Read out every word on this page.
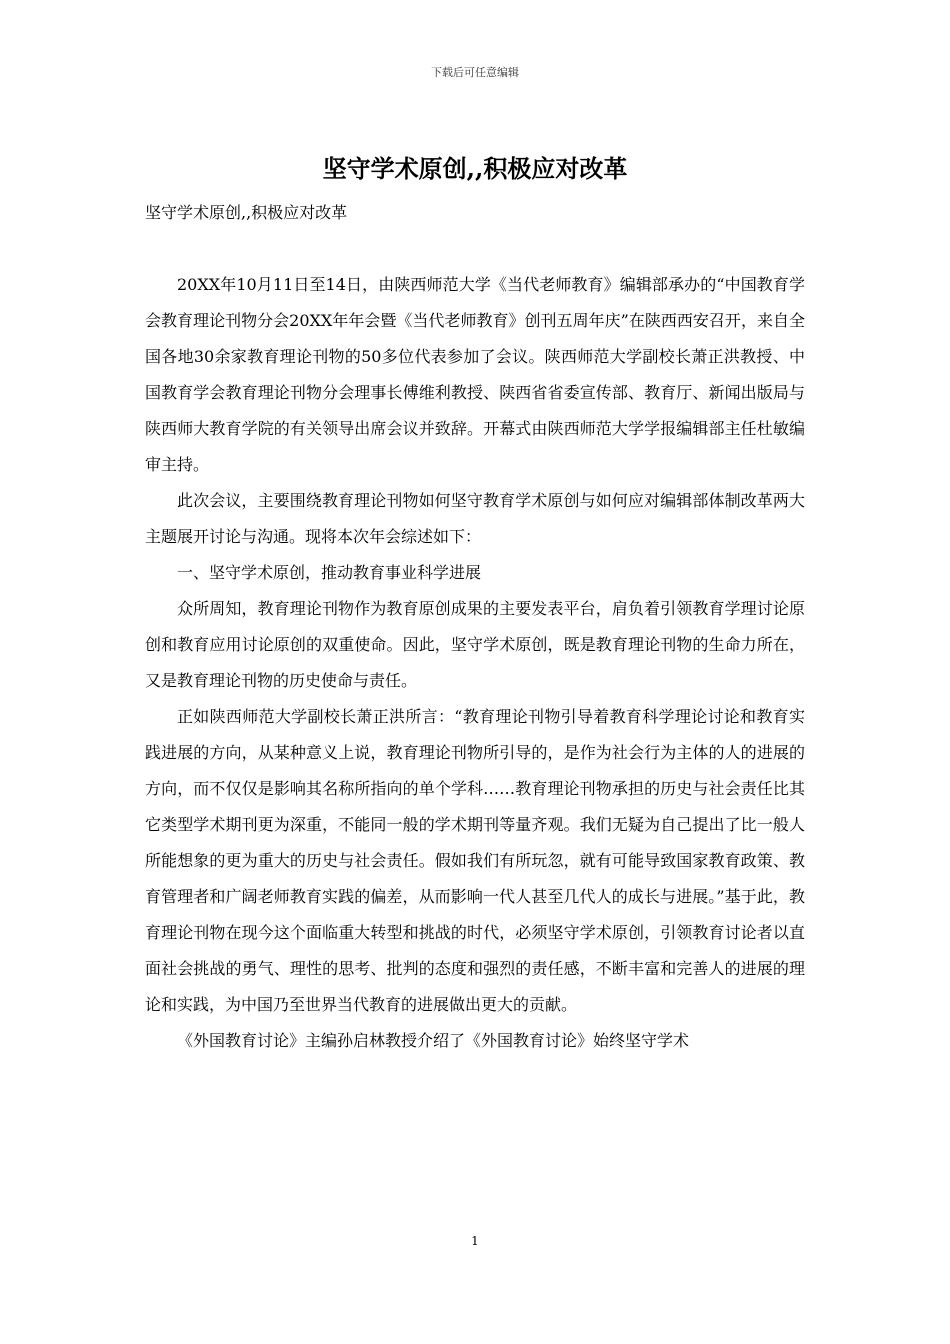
下载后可任意编辑
坚守学术原创,,积极应对改革

坚守学术原创,,积极应对改革

20XX年10月11日至14日，由陕西师范大学《当代老师教育》编辑部承办的“中国教育学会教育理论刊物分会20XX年年会暨《当代老师教育》创刊五周年庆”在陕西西安召开，来自全国各地30余家教育理论刊物的50多位代表参加了会议。陕西师范大学副校长萧正洪教授、中国教育学会教育理论刊物分会理事长傅维利教授、陕西省省委宣传部、教育厅、新闻出版局与陕西师大教育学院的有关领导出席会议并致辞。开幕式由陕西师范大学学报编辑部主任杜敏编审主持。

此次会议，主要围绕教育理论刊物如何坚守教育学术原创与如何应对编辑部体制改革两大主题展开讨论与沟通。现将本次年会综述如下：

一、坚守学术原创，推动教育事业科学进展

众所周知，教育理论刊物作为教育原创成果的主要发表平台，肩负着引领教育学理讨论原创和教育应用讨论原创的双重使命。因此，坚守学术原创，既是教育理论刊物的生命力所在，又是教育理论刊物的历史使命与责任。

正如陕西师范大学副校长萧正洪所言：“教育理论刊物引导着教育科学理论讨论和教育实践进展的方向，从某种意义上说，教育理论刊物所引导的，是作为社会行为主体的人的进展的方向，而不仅仅是影响其名称所指向的单个学科……教育理论刊物承担的历史与社会责任比其它类型学术期刊更为深重，不能同一般的学术期刊等量齐观。我们无疑为自己提出了比一般人所能想象的更为重大的历史与社会责任。假如我们有所玩忽，就有可能导致国家教育政策、教育管理者和广阔老师教育实践的偏差，从而影响一代人甚至几代人的成长与进展。”基于此，教育理论刊物在现今这个面临重大转型和挑战的时代，必须坚守学术原创，引领教育讨论者以直面社会挑战的勇气、理性的思考、批判的态度和强烈的责任感，不断丰富和完善人的进展的理论和实践，为中国乃至世界当代教育的进展做出更大的贡献。

《外国教育讨论》主编孙启林教授介绍了《外国教育讨论》始终坚守学术

1
